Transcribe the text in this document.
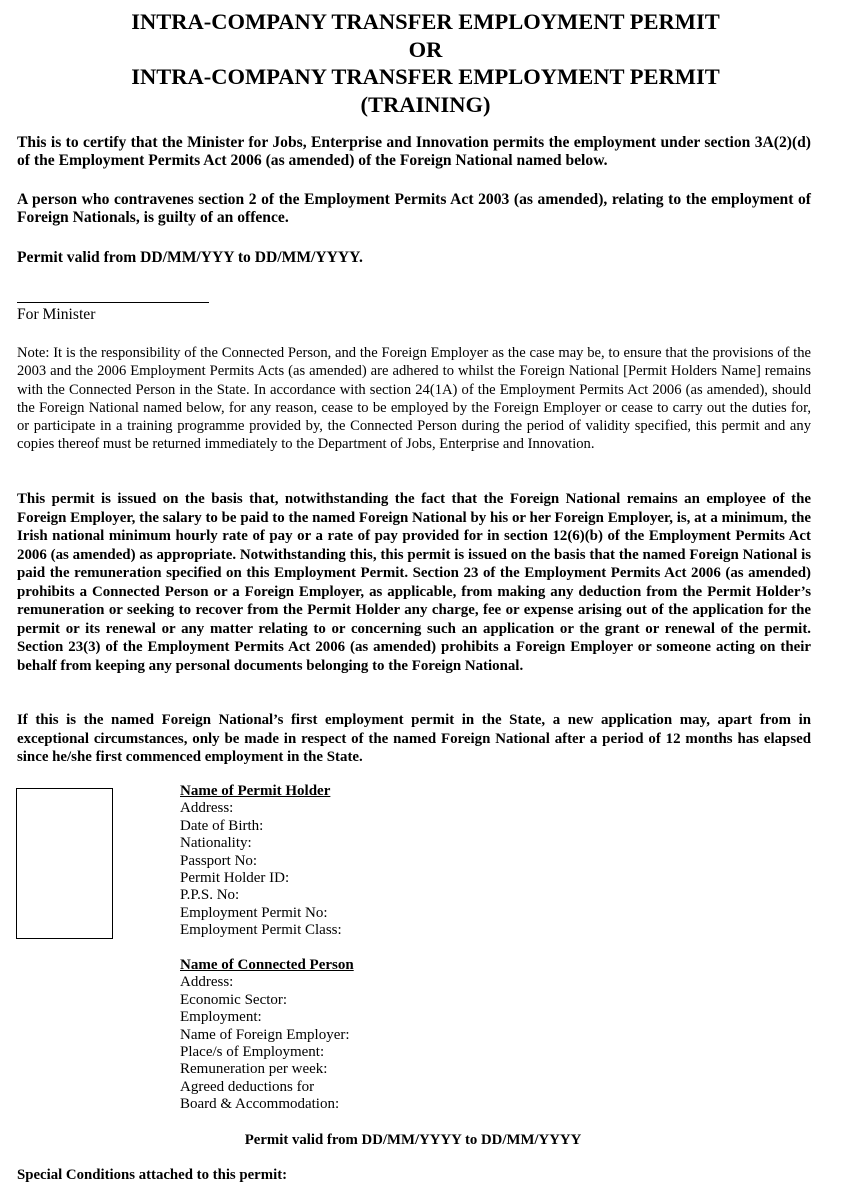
INTRA-COMPANY TRANSFER EMPLOYMENT PERMIT
OR
INTRA-COMPANY TRANSFER EMPLOYMENT PERMIT
(TRAINING)
This is to certify that the Minister for Jobs, Enterprise and Innovation permits the employment under section 3A(2)(d) of the Employment Permits Act 2006 (as amended) of the Foreign National named below.
A person who contravenes section 2 of the Employment Permits Act 2003 (as amended), relating to the employment of Foreign Nationals, is guilty of an offence.
Permit valid from DD/MM/YYY to DD/MM/YYYY.
For Minister
Note: It is the responsibility of the Connected Person, and the Foreign Employer as the case may be, to ensure that the provisions of the 2003 and the 2006 Employment Permits Acts (as amended) are adhered to whilst the Foreign National [Permit Holders Name] remains with the Connected Person in the State. In accordance with section 24(1A) of the Employment Permits Act 2006 (as amended), should the Foreign National named below, for any reason, cease to be employed by the Foreign Employer or cease to carry out the duties for, or participate in a training programme provided by, the Connected Person during the period of validity specified, this permit and any copies thereof must be returned immediately to the Department of Jobs, Enterprise and Innovation.
This permit is issued on the basis that, notwithstanding the fact that the Foreign National remains an employee of the Foreign Employer, the salary to be paid to the named Foreign National by his or her Foreign Employer, is, at a minimum, the Irish national minimum hourly rate of pay or a rate of pay provided for in section 12(6)(b) of the Employment Permits Act 2006 (as amended) as appropriate. Notwithstanding this, this permit is issued on the basis that the named Foreign National is paid the remuneration specified on this Employment Permit. Section 23 of the Employment Permits Act 2006 (as amended) prohibits a Connected Person or a Foreign Employer, as applicable, from making any deduction from the Permit Holder’s remuneration or seeking to recover from the Permit Holder any charge, fee or expense arising out of the application for the permit or its renewal or any matter relating to or concerning such an application or the grant or renewal of the permit. Section 23(3) of the Employment Permits Act 2006 (as amended) prohibits a Foreign Employer or someone acting on their behalf from keeping any personal documents belonging to the Foreign National.
If this is the named Foreign National’s first employment permit in the State, a new application may, apart from in exceptional circumstances, only be made in respect of the named Foreign National after a period of 12 months has elapsed since he/she first commenced employment in the State.
Name of Permit Holder
Address:
Date of Birth:
Nationality:
Passport No:
Permit Holder ID:
P.P.S. No:
Employment Permit No:
Employment Permit Class:
Name of Connected Person
Address:
Economic Sector:
Employment:
Name of Foreign Employer:
Place/s of Employment:
Remuneration per week:
Agreed deductions for
Board & Accommodation:
Permit valid from DD/MM/YYYY to DD/MM/YYYY
Special Conditions attached to this permit:
